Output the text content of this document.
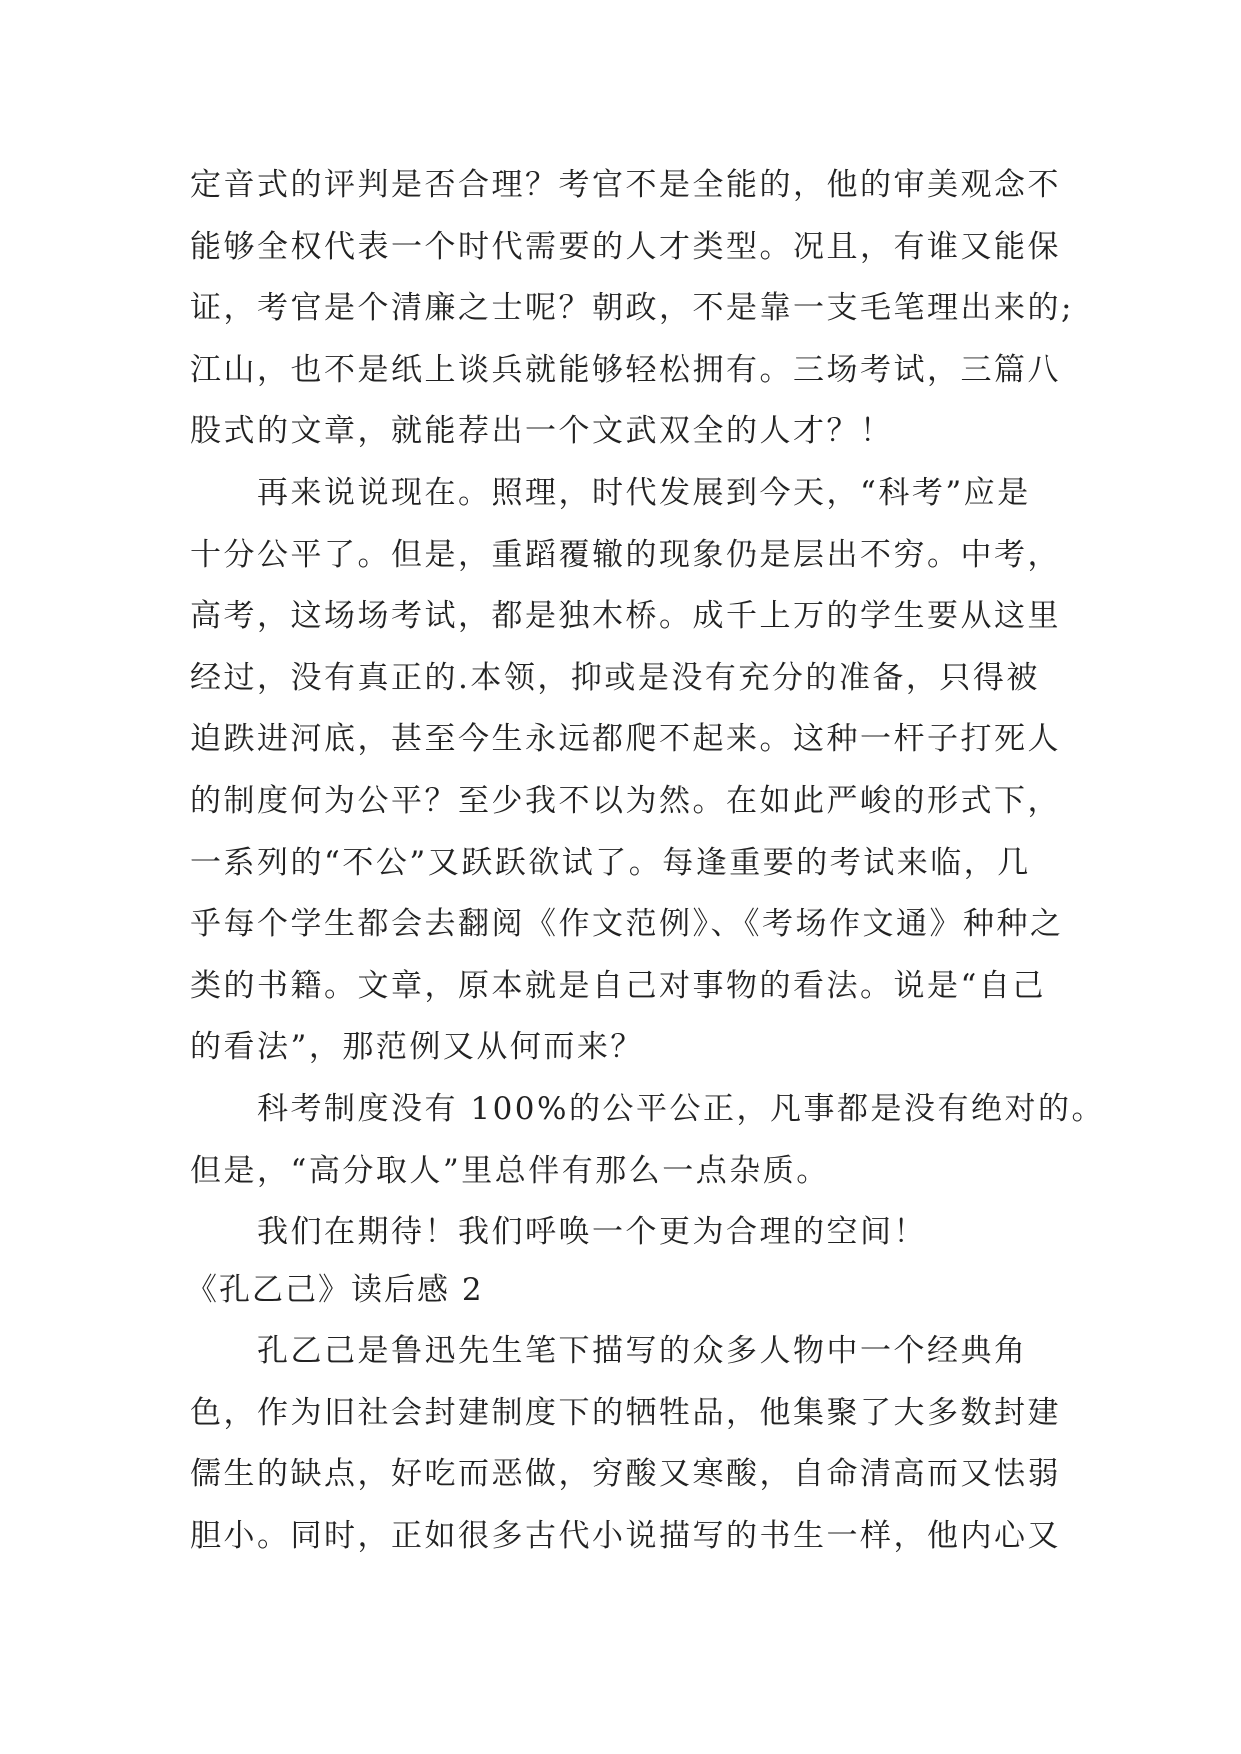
定音式的评判是否合理？考官不是全能的，他的审美观念不
能够全权代表一个时代需要的人才类型。况且，有谁又能保
证，考官是个清廉之士呢？朝政，不是靠一支毛笔理出来的;
江山，也不是纸上谈兵就能够轻松拥有。三场考试，三篇八
股式的文章，就能荐出一个文武双全的人才？！
　　再来说说现在。照理，时代发展到今天，“科考”应是
十分公平了。但是，重蹈覆辙的现象仍是层出不穷。中考，
高考，这场场考试，都是独木桥。成千上万的学生要从这里
经过，没有真正的.本领，抑或是没有充分的准备，只得被
迫跌进河底，甚至今生永远都爬不起来。这种一杆子打死人
的制度何为公平？至少我不以为然。在如此严峻的形式下，
一系列的“不公”又跃跃欲试了。每逢重要的考试来临，几
乎每个学生都会去翻阅《作文范例》、《考场作文通》种种之
类的书籍。文章，原本就是自己对事物的看法。说是“自己
的看法”，那范例又从何而来？
　　科考制度没有 100%的公平公正，凡事都是没有绝对的。
但是，“高分取人”里总伴有那么一点杂质。
　　我们在期待！我们呼唤一个更为合理的空间！
《孔乙己》读后感 2
　　孔乙己是鲁迅先生笔下描写的众多人物中一个经典角
色，作为旧社会封建制度下的牺牲品，他集聚了大多数封建
儒生的缺点，好吃而恶做，穷酸又寒酸，自命清高而又怯弱
胆小。同时，正如很多古代小说描写的书生一样，他内心又
